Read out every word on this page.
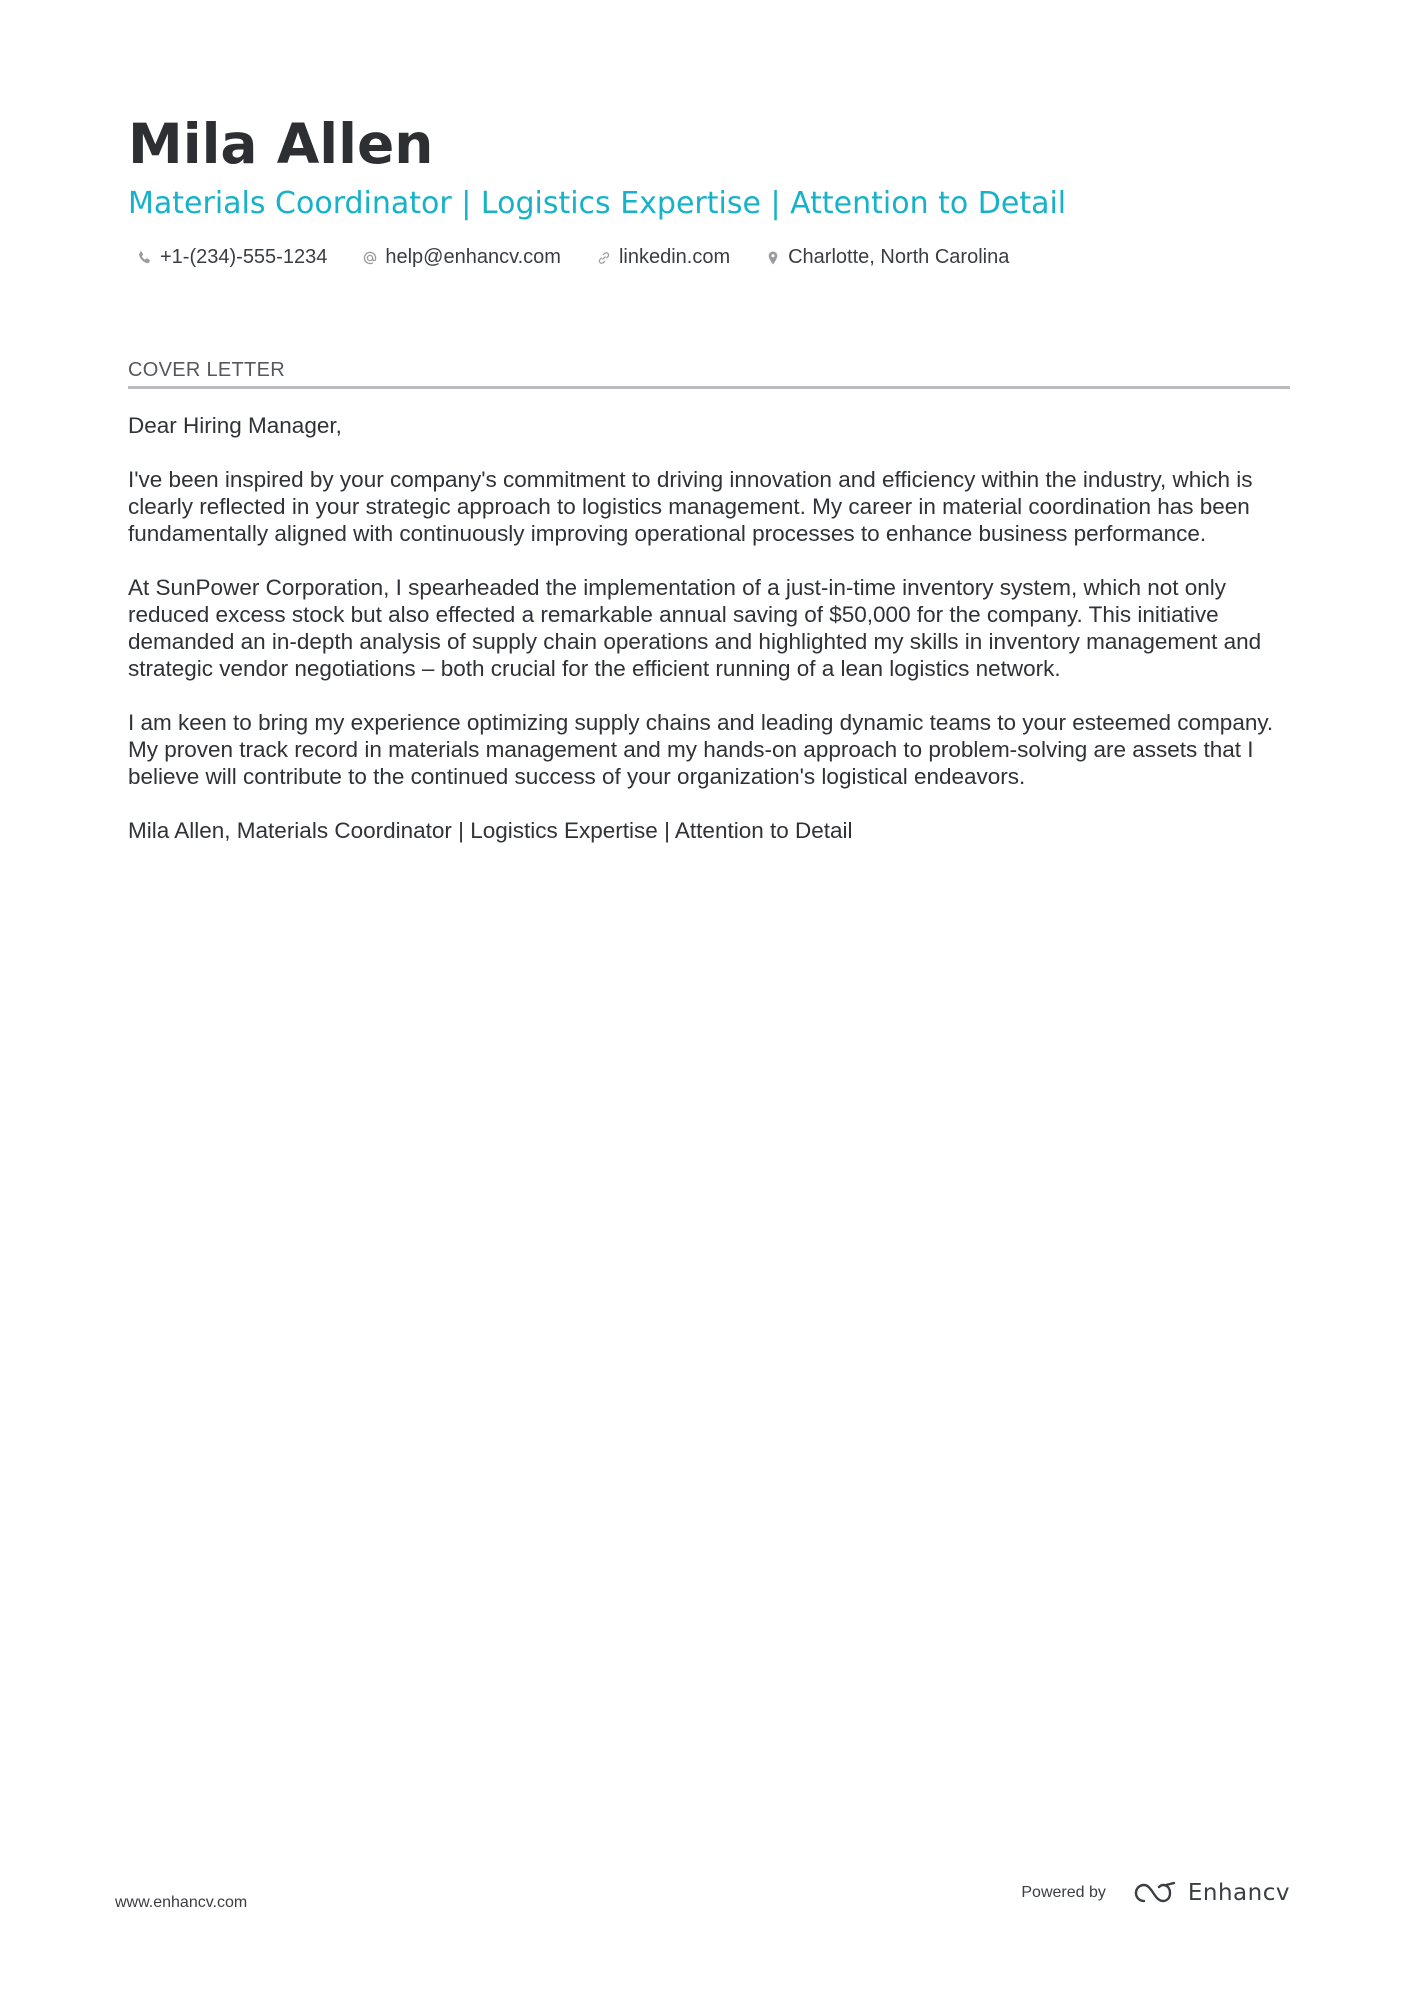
Mila Allen
Materials Coordinator | Logistics Expertise | Attention to Detail
+1-(234)-555-1234	help@enhancv.com	linkedin.com	Charlotte, North Carolina
COVER LETTER

Dear Hiring Manager,

I've been inspired by your company's commitment to driving innovation and efficiency within the industry, which is clearly reflected in your strategic approach to logistics management. My career in material coordination has been fundamentally aligned with continuously improving operational processes to enhance business performance.

At SunPower Corporation, I spearheaded the implementation of a just-in-time inventory system, which not only reduced excess stock but also effected a remarkable annual saving of $50,000 for the company. This initiative demanded an in-depth analysis of supply chain operations and highlighted my skills in inventory management and strategic vendor negotiations – both crucial for the efficient running of a lean logistics network.

I am keen to bring my experience optimizing supply chains and leading dynamic teams to your esteemed company. My proven track record in materials management and my hands-on approach to problem-solving are assets that I believe will contribute to the continued success of your organization's logistical endeavors.

Mila Allen, Materials Coordinator | Logistics Expertise | Attention to Detail

www.enhancv.com
Powered by	Enhancv
